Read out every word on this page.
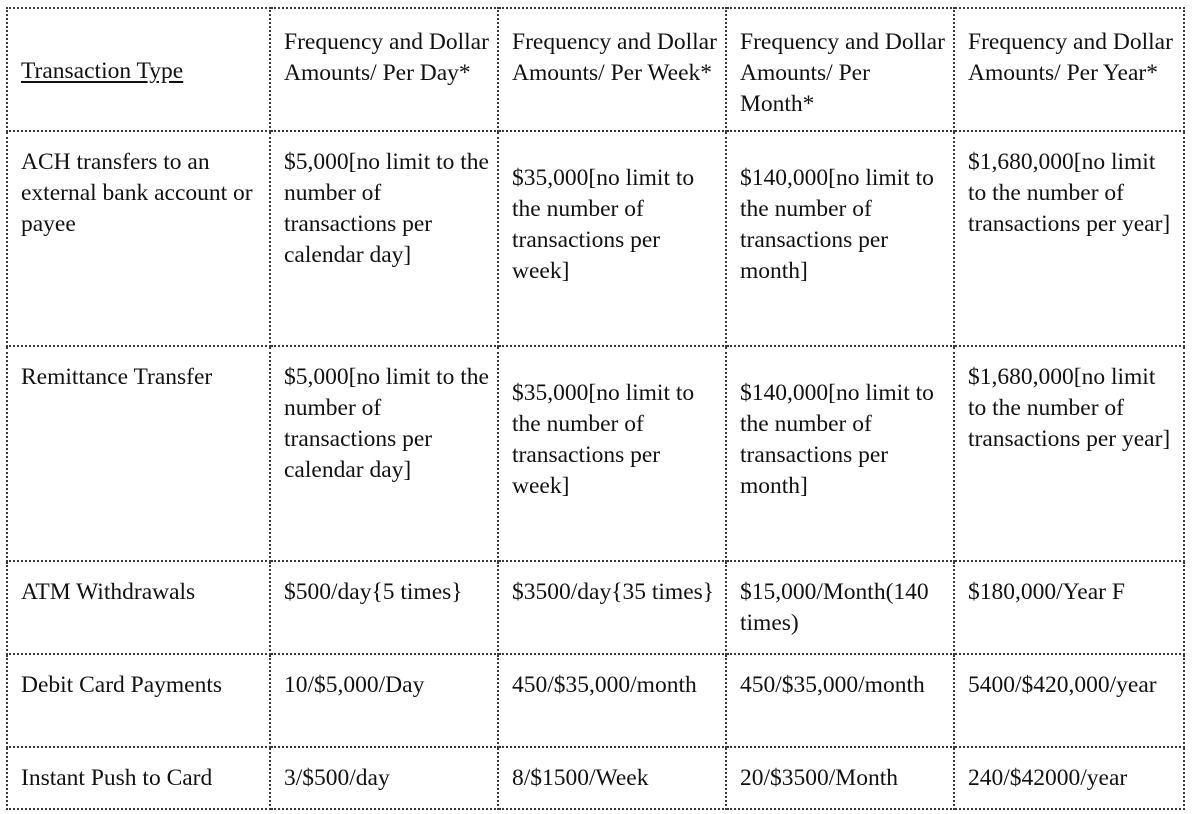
Transaction Type	Frequency and Dollar Amounts/ Per Day*	Frequency and Dollar Amounts/ Per Week*	Frequency and Dollar Amounts/ Per Month*	Frequency and Dollar Amounts/ Per Year*

ACH transfers to an external bank account or payee	$5,000[no limit to the number of transactions per calendar day]	$35,000[no limit to the number of transactions per week]	$140,000[no limit to the number of transactions per month]	$1,680,000[no limit to the number of transactions per year]

Remittance Transfer	$5,000[no limit to the number of transactions per calendar day]	$35,000[no limit to the number of transactions per week]	$140,000[no limit to the number of transactions per month]	$1,680,000[no limit to the number of transactions per year]

ATM Withdrawals	$500/day{5 times}	$3500/day{35 times}	$15,000/Month(140 times)	$180,000/Year F

Debit Card Payments	10/$5,000/Day	450/$35,000/month	450/$35,000/month	5400/$420,000/year

Instant Push to Card	3/$500/day	8/$1500/Week	20/$3500/Month	240/$42000/year
